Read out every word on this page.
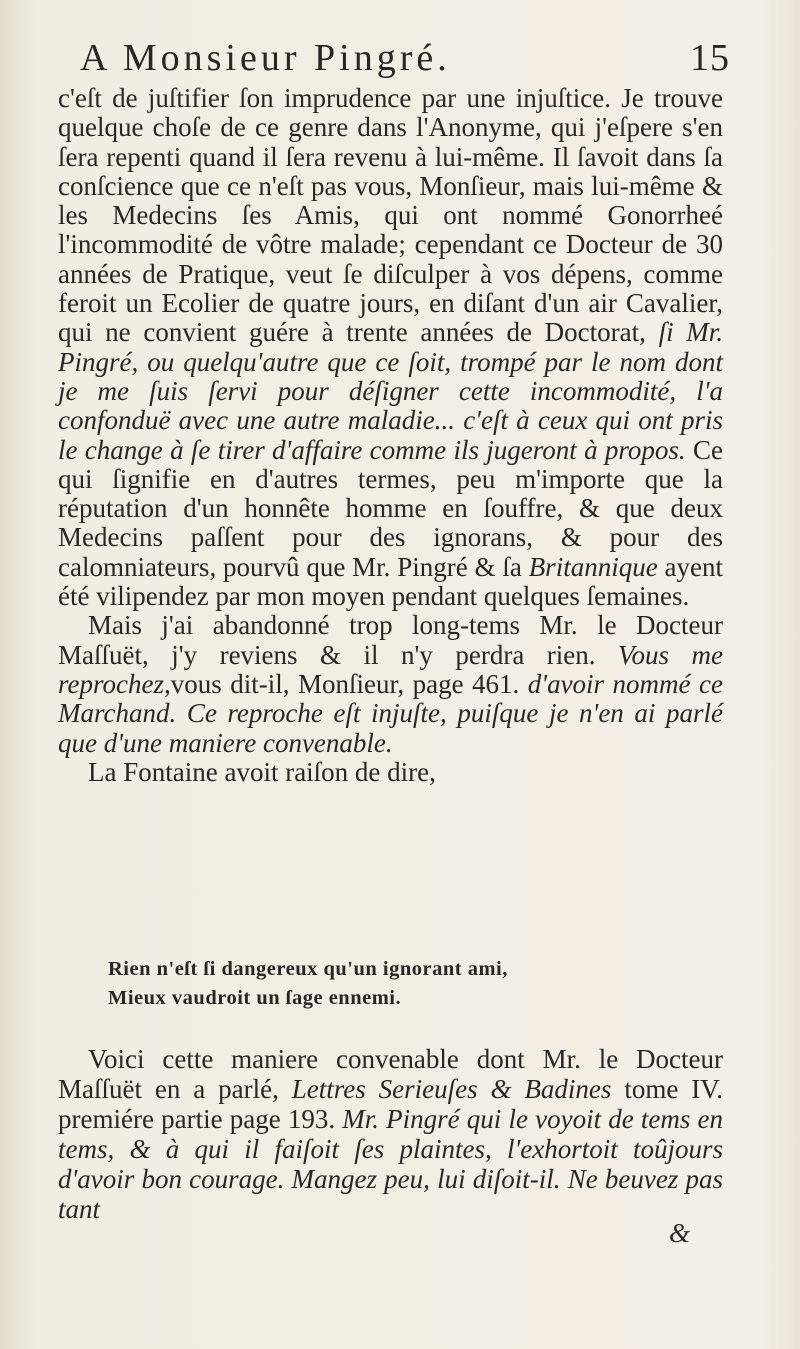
A Monsieur Pingré.	15

c'eſt de juſtifier ſon imprudence par une injuſtice. Je trouve quelque choſe de ce genre dans l'Anonyme, qui j'eſpere s'en ſera repenti quand il ſera revenu à lui-même. Il ſavoit dans ſa conſcience que ce n'eſt pas vous, Monſieur, mais lui-même & les Medecins ſes Amis, qui ont nommé Gonorrheé l'incommodité de vôtre malade; cependant ce Docteur de 30 années de Pratique, veut ſe diſculper à vos dépens, comme feroit un Ecolier de quatre jours, en diſant d'un air Cavalier, qui ne convient guére à trente années de Doctorat, ſi Mr. Pingré, ou quelqu'autre que ce ſoit, trompé par le nom dont je me ſuis ſervi pour déſigner cette incommodité, l'a confonduë avec une autre maladie... c'eſt à ceux qui ont pris le change à ſe tirer d'affaire comme ils jugeront à propos. Ce qui ſignifie en d'autres termes, peu m'importe que la réputation d'un honnête homme en ſouffre, & que deux Medecins paſſent pour des ignorans, & pour des calomniateurs, pourvû que Mr. Pingré & ſa Britannique ayent été vilipendez par mon moyen pendant quelques ſemaines.

Mais j'ai abandonné trop long-tems Mr. le Docteur Maſſuët, j'y reviens & il n'y perdra rien. Vous me reprochez,vous dit-il, Monſieur, page 461. d'avoir nommé ce Marchand. Ce reproche eſt injuſte, puiſque je n'en ai parlé que d'une maniere convenable.

La Fontaine avoit raiſon de dire,

Rien n'eſt ſi dangereux qu'un ignorant ami,
Mieux vaudroit un ſage ennemi.

Voici cette maniere convenable dont Mr. le Docteur Maſſuët en a parlé, Lettres Serieuſes & Badines tome IV. premiére partie page 193. Mr. Pingré qui le voyoit de tems en tems, & à qui il faiſoit ſes plaintes, l'exhortoit toûjours d'avoir bon courage. Mangez peu, lui diſoit-il. Ne beuvez pas tant

&
